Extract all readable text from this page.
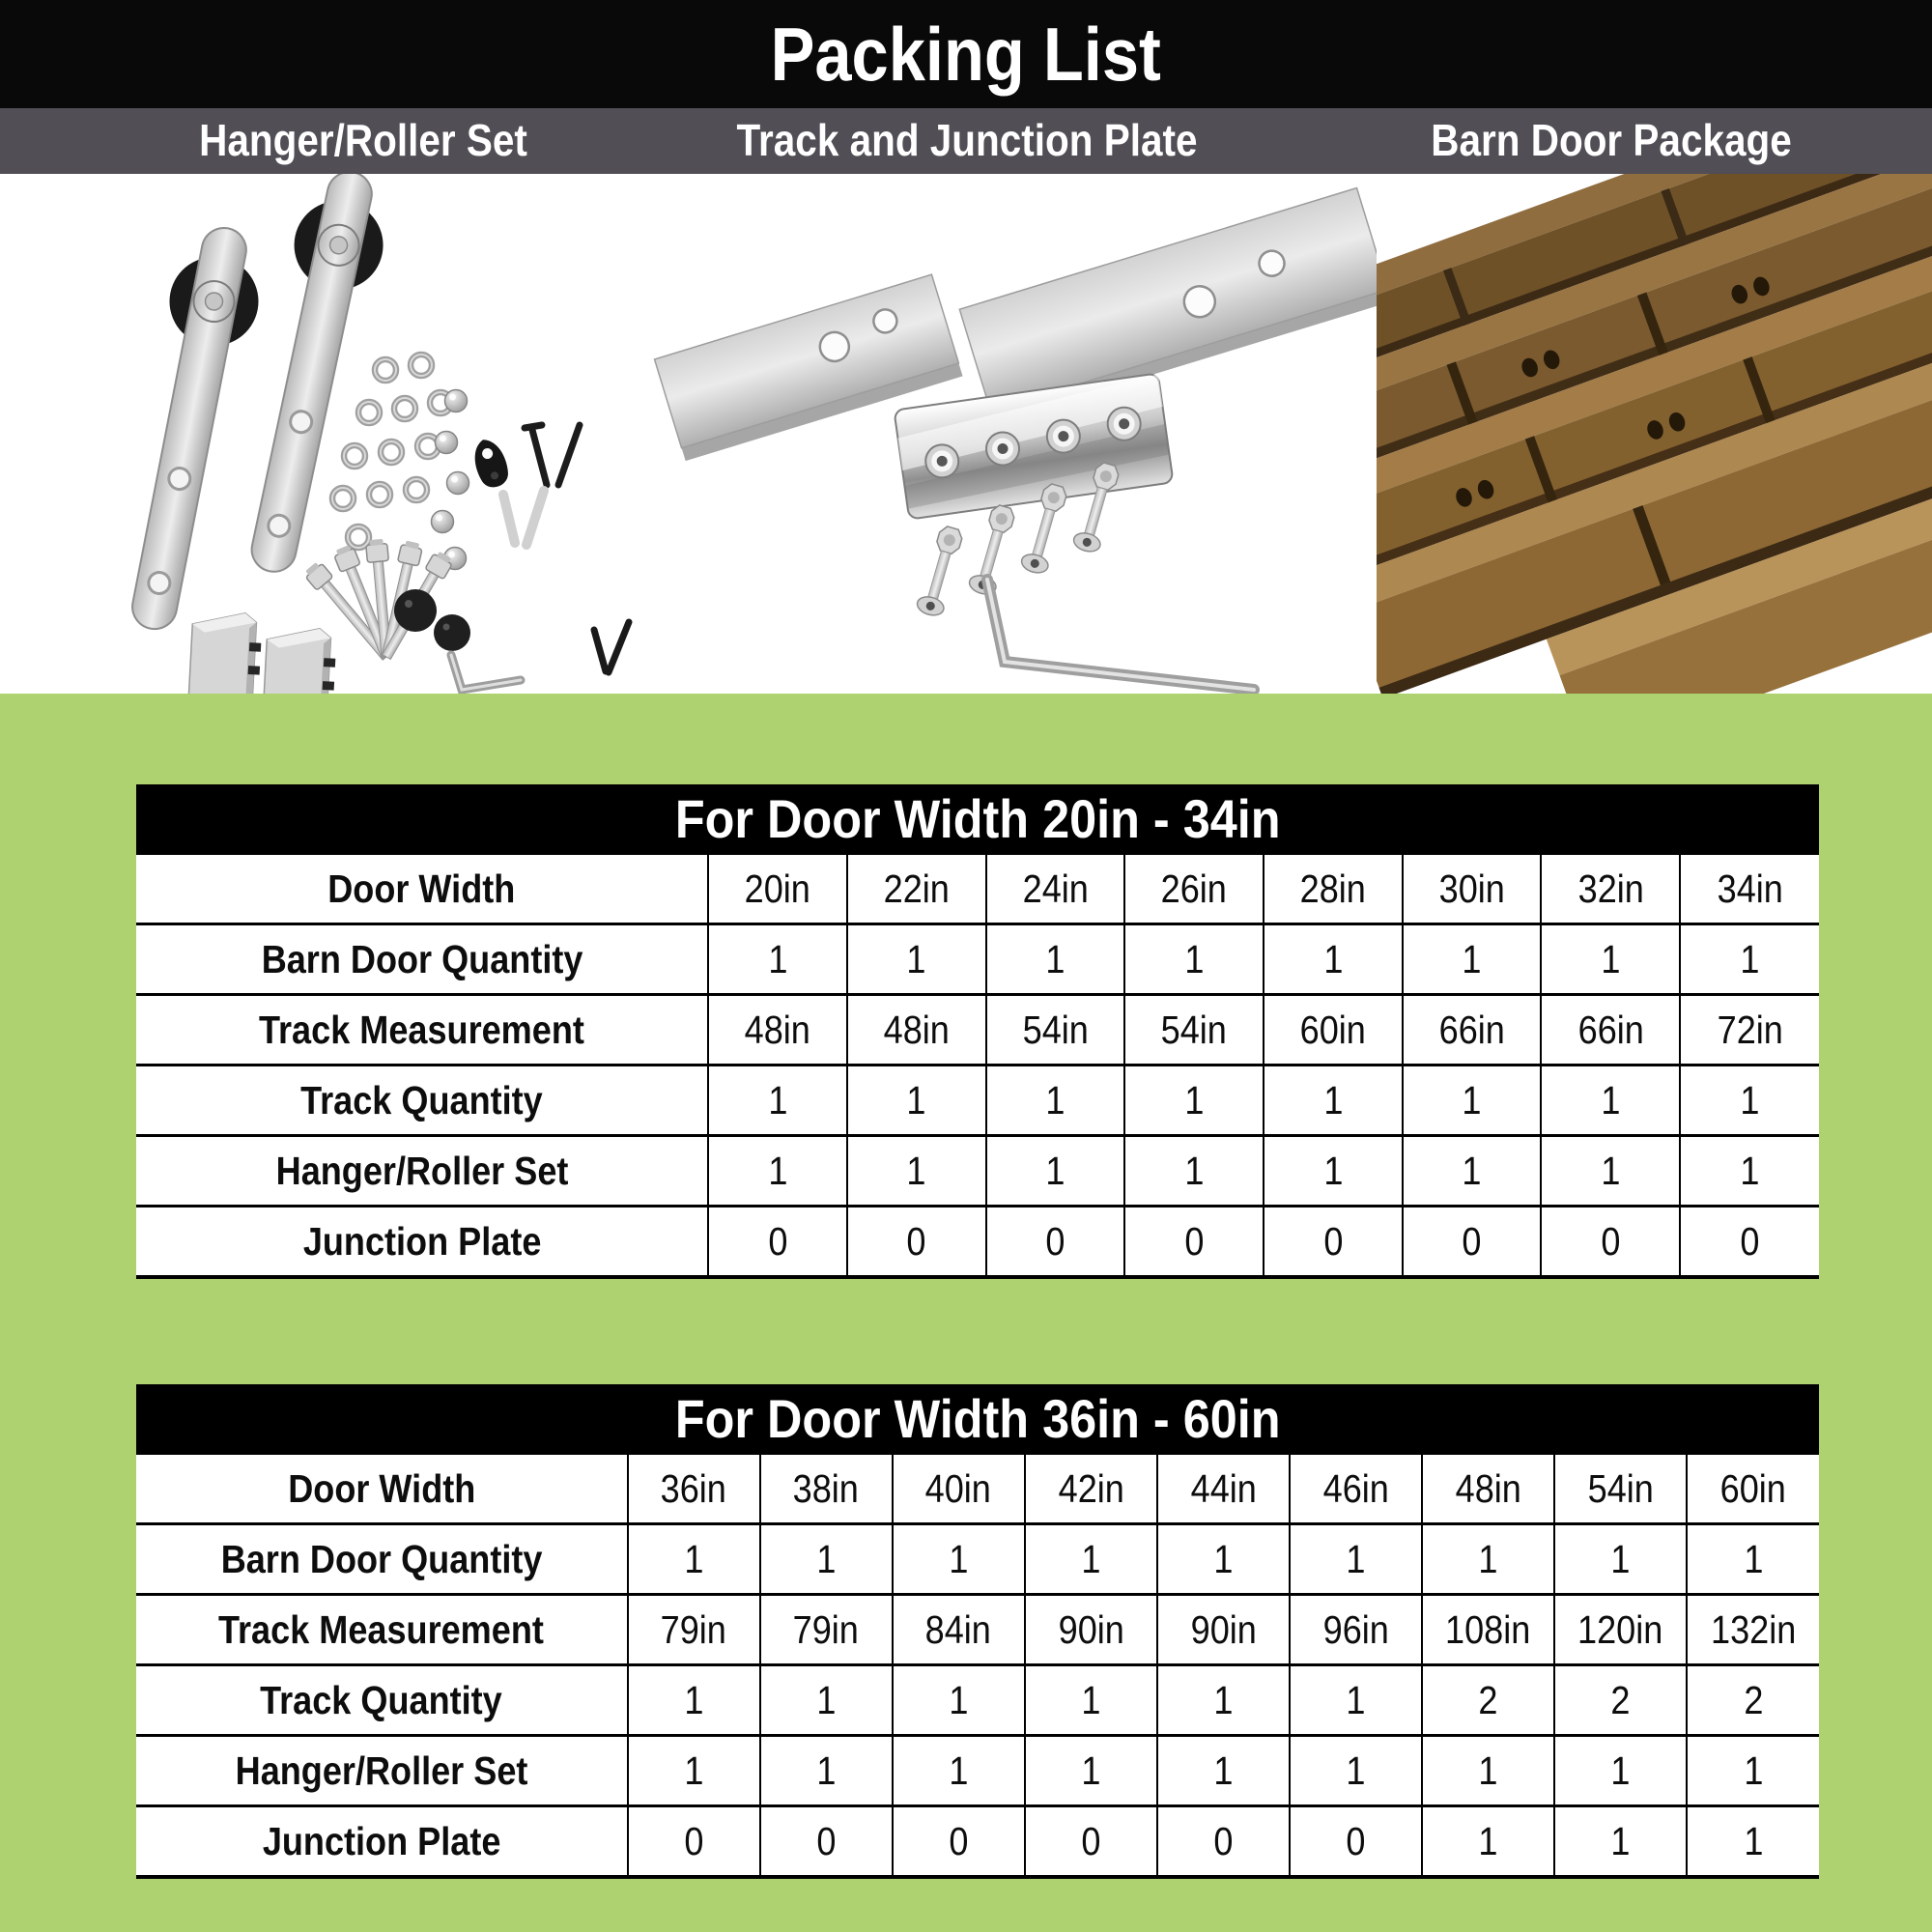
Packing List
Hanger/Roller Set	Track and Junction Plate	Barn Door Package
For Door Width 20in - 34in
Door Width	20in	22in	24in	26in	28in	30in	32in	34in
Barn Door Quantity	1	1	1	1	1	1	1	1
Track Measurement	48in	48in	54in	54in	60in	66in	66in	72in
Track Quantity	1	1	1	1	1	1	1	1
Hanger/Roller Set	1	1	1	1	1	1	1	1
Junction Plate	0	0	0	0	0	0	0	0
For Door Width 36in - 60in
Door Width	36in	38in	40in	42in	44in	46in	48in	54in	60in
Barn Door Quantity	1	1	1	1	1	1	1	1	1
Track Measurement	79in	79in	84in	90in	90in	96in	108in	120in	132in
Track Quantity	1	1	1	1	1	1	2	2	2
Hanger/Roller Set	1	1	1	1	1	1	1	1	1
Junction Plate	0	0	0	0	0	0	1	1	1
